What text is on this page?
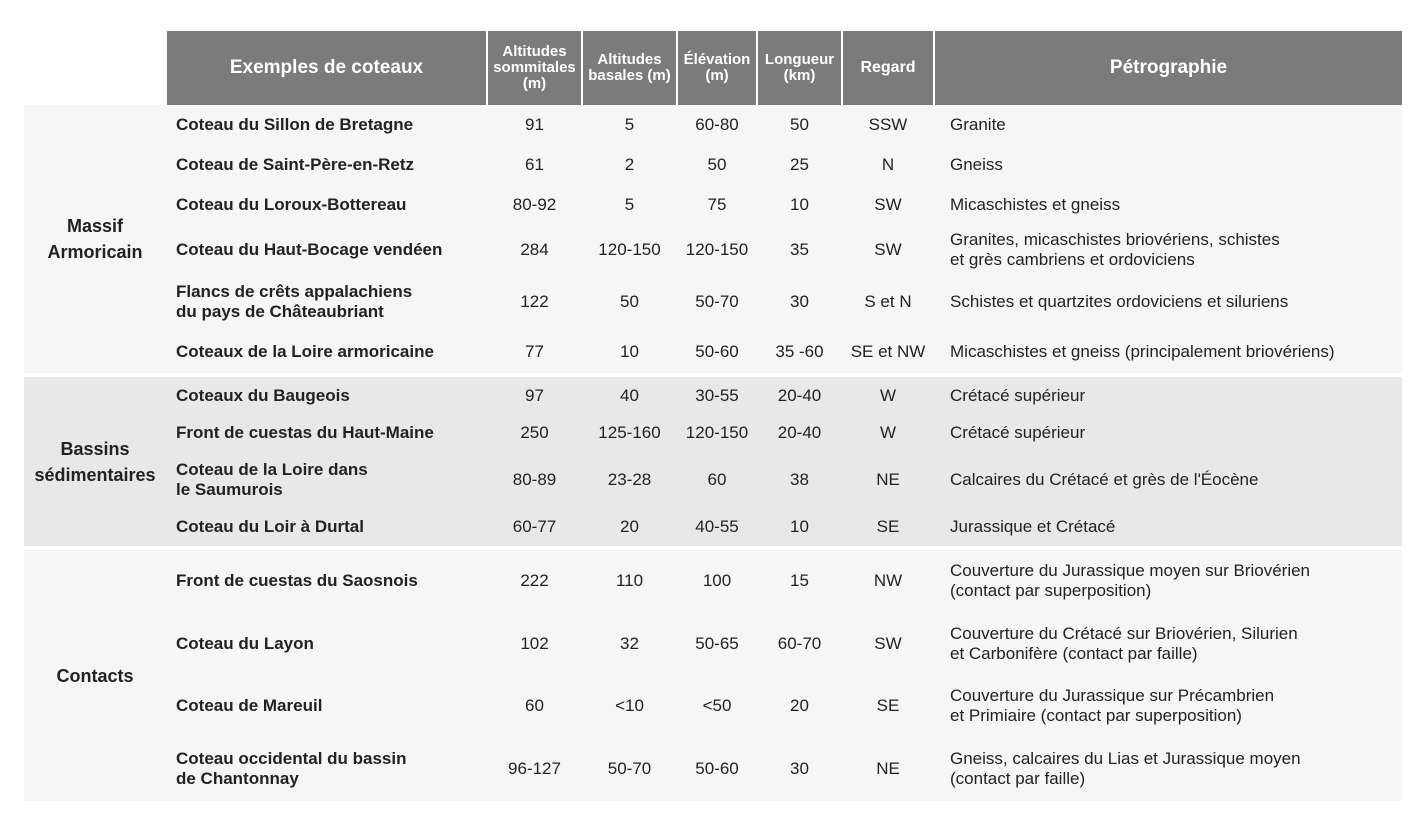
	Exemples de coteaux	Altitudes sommitales (m)	Altitudes basales (m)	Élévation (m)	Longueur (km)	Regard	Pétrographie
Massif
Armoricain	Coteau du Sillon de Bretagne	91	5	60-80	50	SSW	Granite
	Coteau de Saint-Père-en-Retz	61	2	50	25	N	Gneiss
	Coteau du Loroux-Bottereau	80-92	5	75	10	SW	Micaschistes et gneiss
	Coteau du Haut-Bocage vendéen	284	120-150	120-150	35	SW	Granites, micaschistes briovériens, schistes
et grès cambriens et ordoviciens
	Flancs de crêts appalachiens
du pays de Châteaubriant	122	50	50-70	30	S et N	Schistes et quartzites ordoviciens et siluriens
	Coteaux de la Loire armoricaine	77	10	50-60	35 -60	SE et NW	Micaschistes et gneiss (principalement briovériens)

Bassins
sédimentaires	Coteaux du Baugeois	97	40	30-55	20-40	W	Crétacé supérieur
	Front de cuestas du Haut-Maine	250	125-160	120-150	20-40	W	Crétacé supérieur
	Coteau de la Loire dans
le Saumurois	80-89	23-28	60	38	NE	Calcaires du Crétacé et grès de l'Éocène
	Coteau du Loir à Durtal	60-77	20	40-55	10	SE	Jurassique et Crétacé

Contacts	Front de cuestas du Saosnois	222	110	100	15	NW	Couverture du Jurassique moyen sur Briovérien
(contact par superposition)
	Coteau du Layon	102	32	50-65	60-70	SW	Couverture du Crétacé sur Briovérien, Silurien
et Carbonifère (contact par faille)
	Coteau de Mareuil	60	<10	<50	20	SE	Couverture du Jurassique sur Précambrien
et Primiaire (contact par superposition)
	Coteau occidental du bassin
de Chantonnay	96-127	50-70	50-60	30	NE	Gneiss, calcaires du Lias et Jurassique moyen
(contact par faille)
